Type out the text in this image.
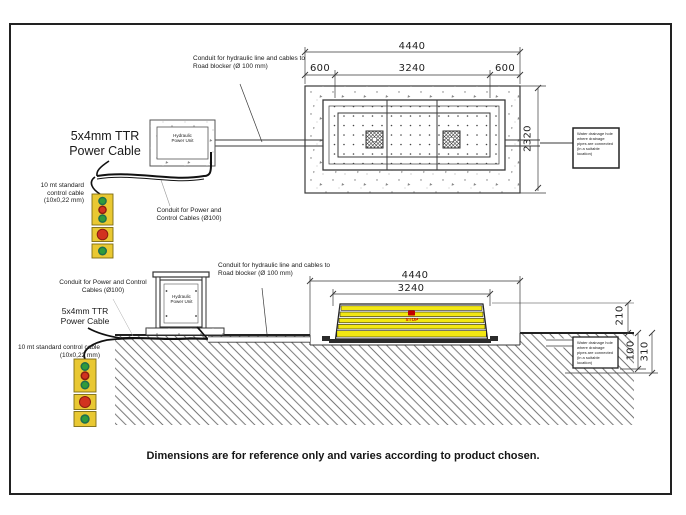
4440
600	3240	600
2320
Conduit for hydraulic line and cables to Road blocker (Ø 100 mm)
5x4mm TTR Power Cable
10 mt standard control cable (10x0,22 mm)
Conduit for Power and Control Cables (Ø100)
Hydraulic Power Unit
Water drainage hole where drainage pipes are connected (in a suitable location)
4440
3240
210
100 310
Conduit for hydraulic line and cables to Road blocker (Ø 100 mm)
Conduit for Power and Control Cables (Ø100)
5x4mm TTR Power Cable
10 mt standard control cable (10x0,22 mm)
Hydraulic Power Unit
Water drainage hole where drainage pipes are connected (in a suitable location)
STOP
Dimensions are for reference only and varies according to product chosen.
